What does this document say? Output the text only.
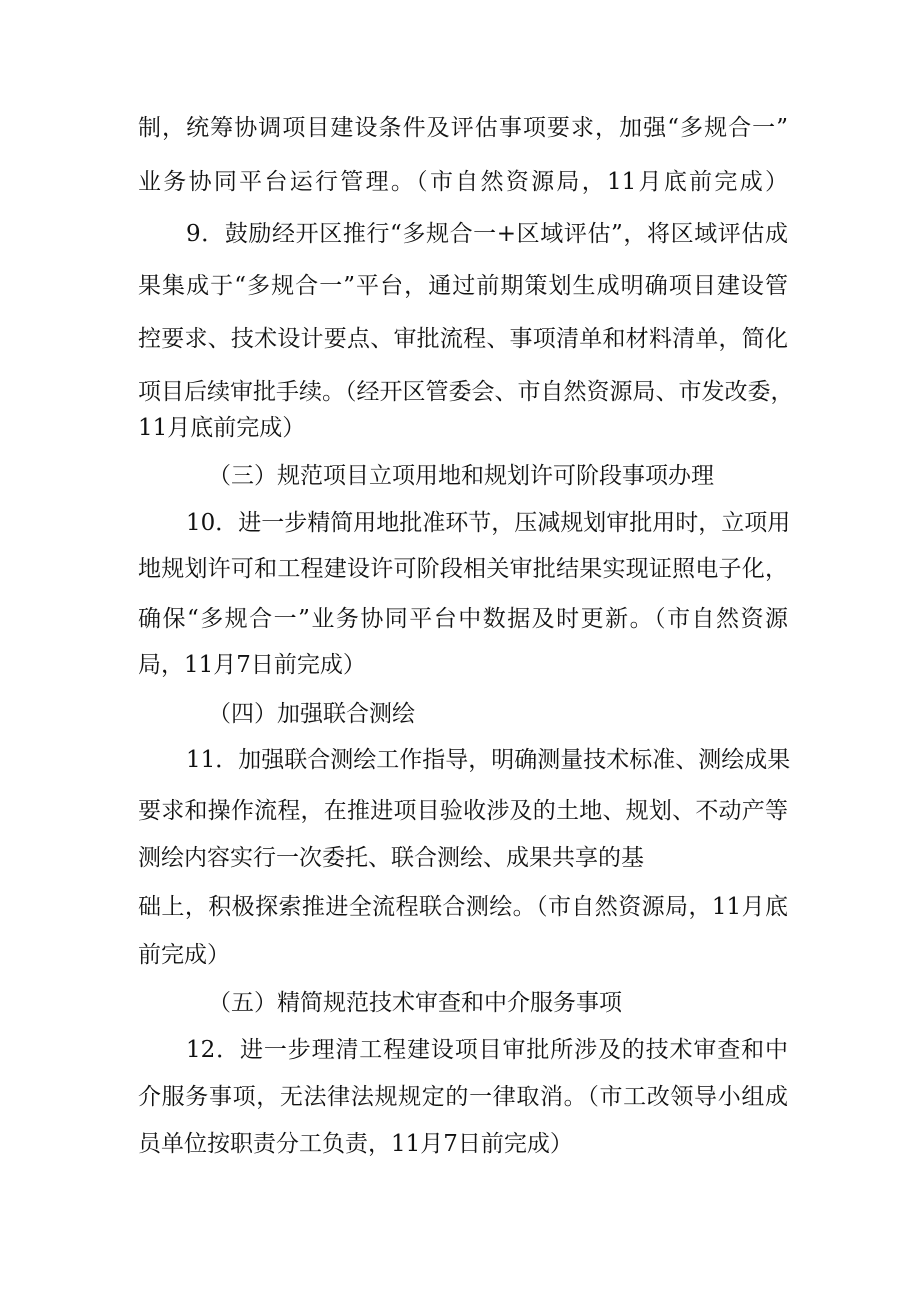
制，统筹协调项目建设条件及评估事项要求，加强“多规合一”
业务协同平台运行管理。（市自然资源局，11月底前完成）
9．鼓励经开区推行“多规合一+区域评估”，将区域评估成
果集成于“多规合一”平台，通过前期策划生成明确项目建设管
控要求、技术设计要点、审批流程、事项清单和材料清单，简化
项目后续审批手续。（经开区管委会、市自然资源局、市发改委，
11月底前完成）
（三）规范项目立项用地和规划许可阶段事项办理
10．进一步精简用地批准环节，压减规划审批用时，立项用
地规划许可和工程建设许可阶段相关审批结果实现证照电子化，
确保“多规合一”业务协同平台中数据及时更新。（市自然资源
局，11月7日前完成）
（四）加强联合测绘
11．加强联合测绘工作指导，明确测量技术标准、测绘成果
要求和操作流程，在推进项目验收涉及的土地、规划、不动产等
测绘内容实行一次委托、联合测绘、成果共享的基
础上，积极探索推进全流程联合测绘。（市自然资源局，11月底
前完成）
（五）精简规范技术审查和中介服务事项
12．进一步理清工程建设项目审批所涉及的技术审查和中
介服务事项，无法律法规规定的一律取消。（市工改领导小组成
员单位按职责分工负责，11月7日前完成）
